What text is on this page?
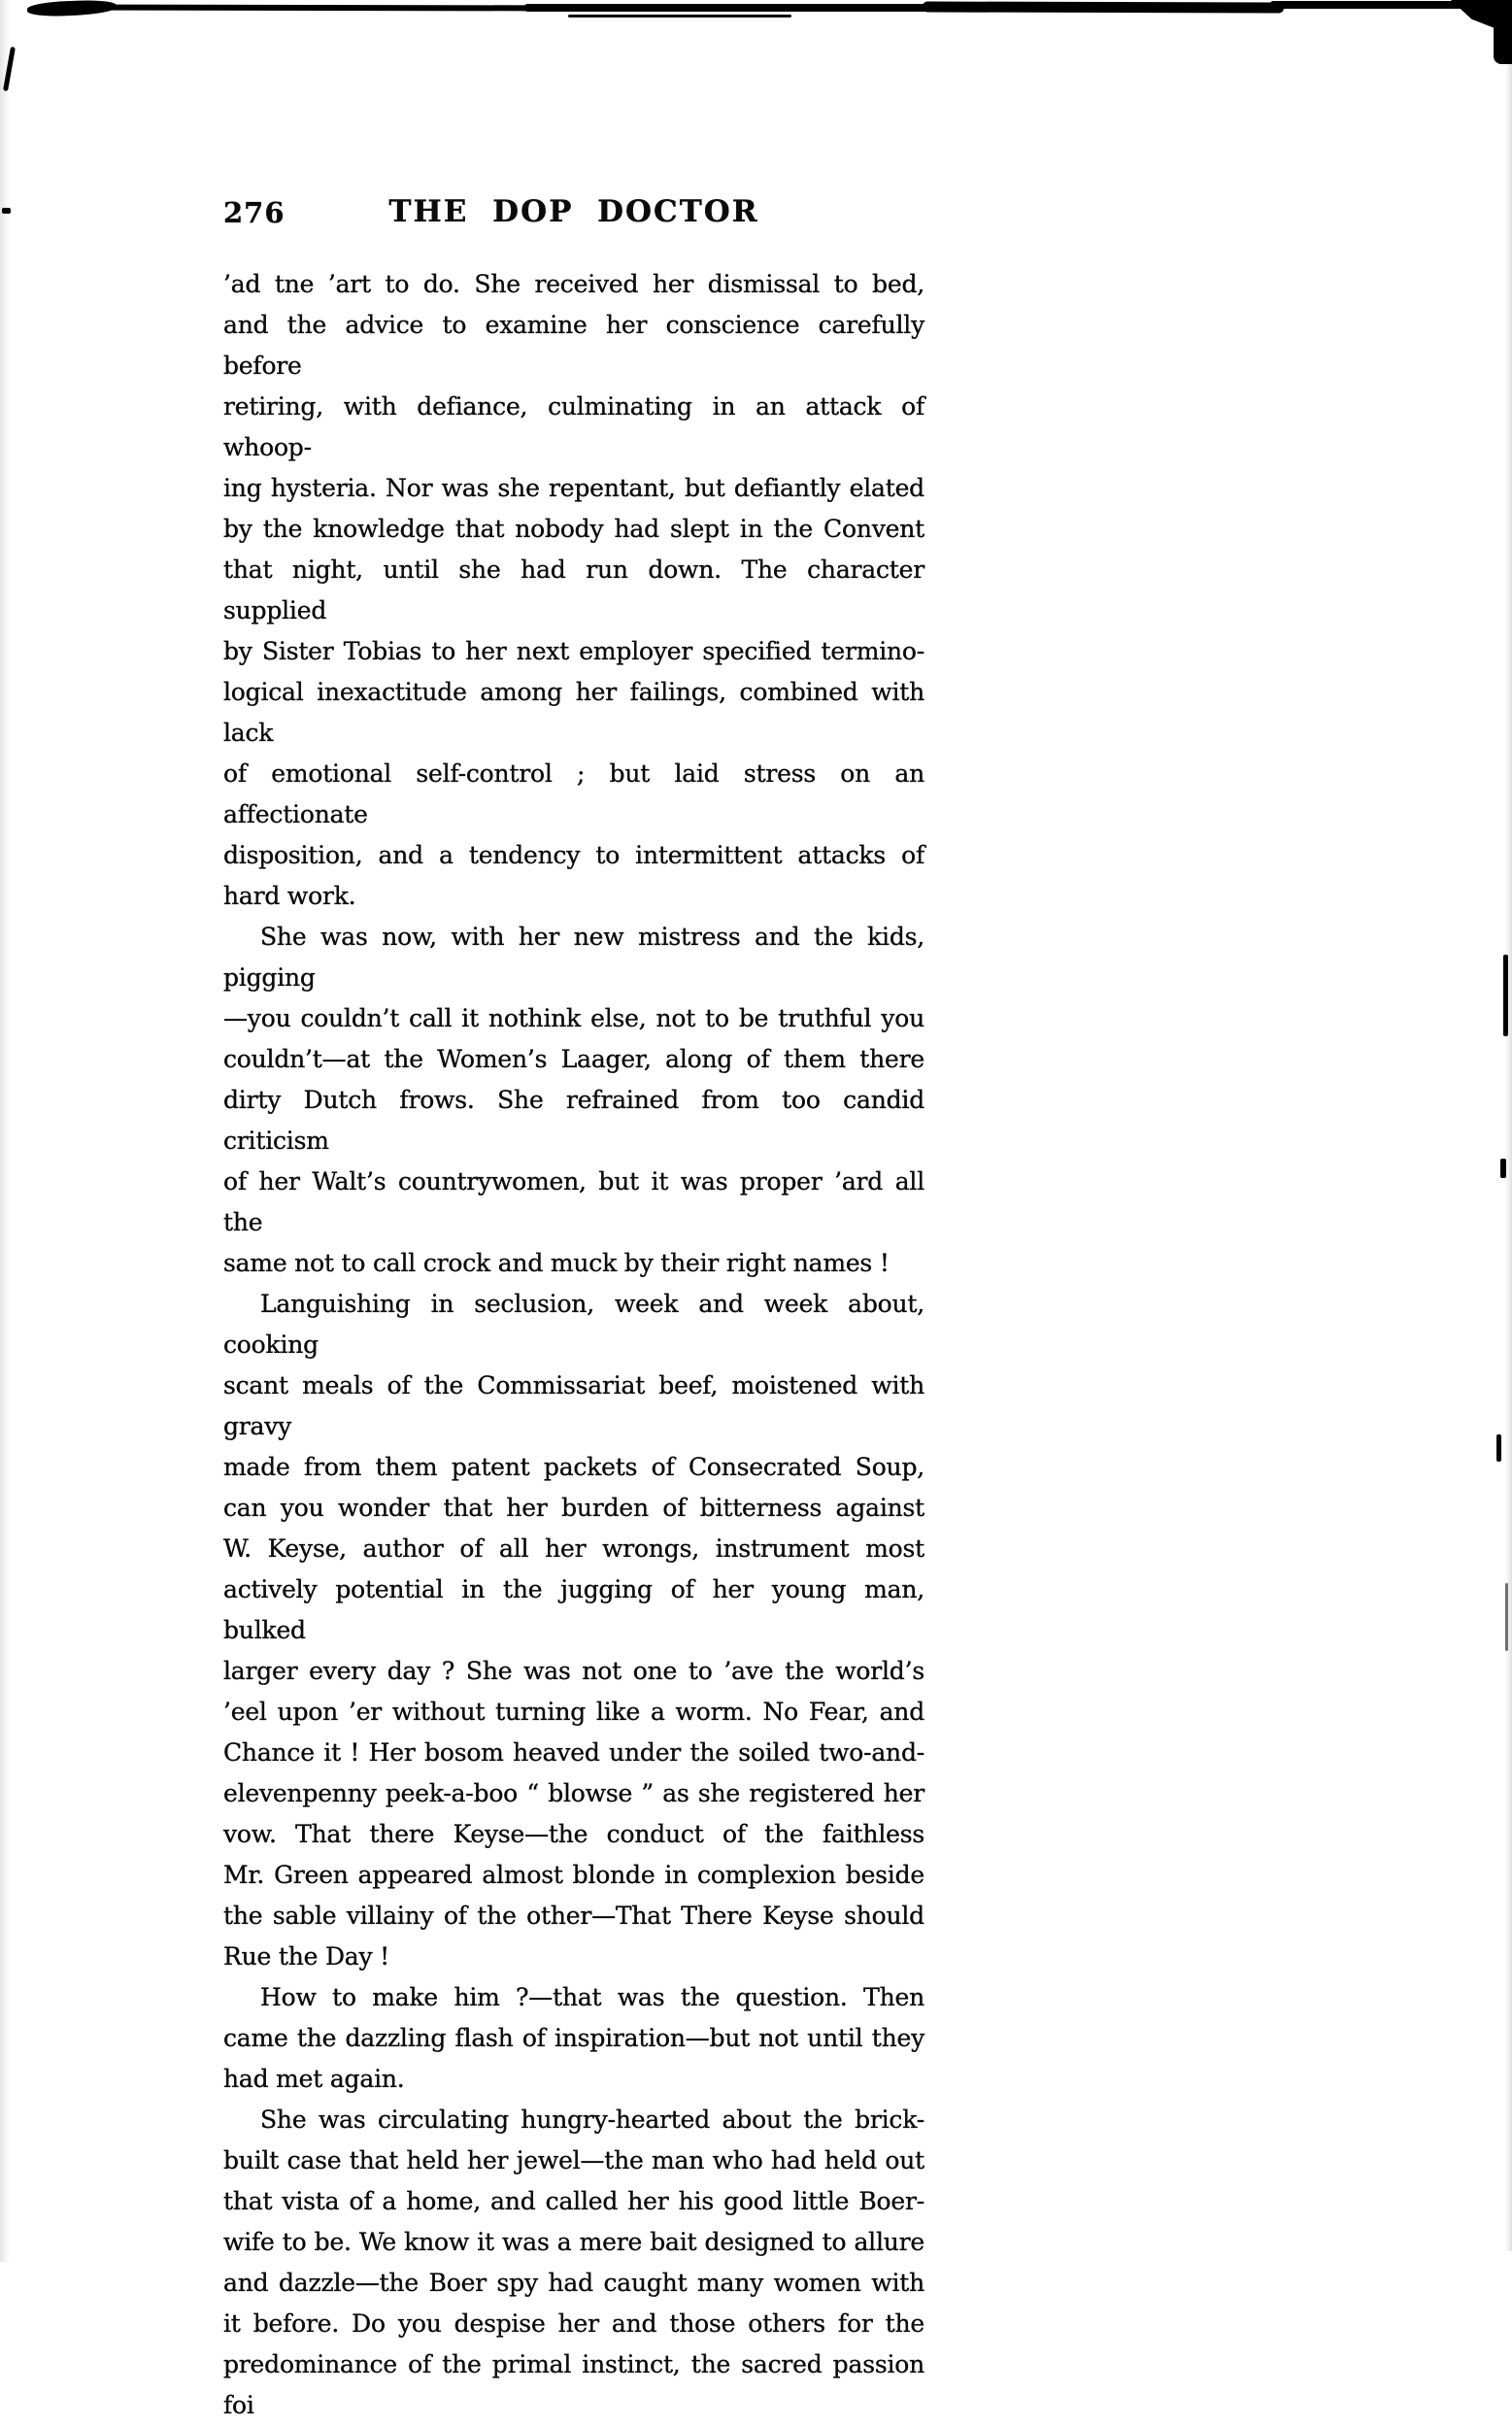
276	THE DOP DOCTOR
’ad tne ’art to do. She received her dismissal to bed,
and the advice to examine her conscience carefully before
retiring, with defiance, culminating in an attack of whoop-
ing hysteria. Nor was she repentant, but defiantly elated
by the knowledge that nobody had slept in the Convent
that night, until she had run down. The character supplied
by Sister Tobias to her next employer specified termino-
logical inexactitude among her failings, combined with lack
of emotional self-control ; but laid stress on an affectionate
disposition, and a tendency to intermittent attacks of
hard work.
She was now, with her new mistress and the kids, pigging
—you couldn’t call it nothink else, not to be truthful you
couldn’t—at the Women’s Laager, along of them there
dirty Dutch frows. She refrained from too candid criticism
of her Walt’s countrywomen, but it was proper ’ard all the
same not to call crock and muck by their right names !
Languishing in seclusion, week and week about, cooking
scant meals of the Commissariat beef, moistened with gravy
made from them patent packets of Consecrated Soup,
can you wonder that her burden of bitterness against
W. Keyse, author of all her wrongs, instrument most
actively potential in the jugging of her young man, bulked
larger every day ? She was not one to ’ave the world’s
’eel upon ’er without turning like a worm. No Fear, and
Chance it ! Her bosom heaved under the soiled two-and-
elevenpenny peek-a-boo “ blowse ” as she registered her
vow. That there Keyse—the conduct of the faithless
Mr. Green appeared almost blonde in complexion beside
the sable villainy of the other—That There Keyse should
Rue the Day !
How to make him ?—that was the question. Then
came the dazzling flash of inspiration—but not until they
had met again.
She was circulating hungry-hearted about the brick-
built case that held her jewel—the man who had held out
that vista of a home, and called her his good little Boer-
wife to be. We know it was a mere bait designed to allure
and dazzle—the Boer spy had caught many women with
it before. Do you despise her and those others for the
predominance of the primal instinct, the sacred passion foi
